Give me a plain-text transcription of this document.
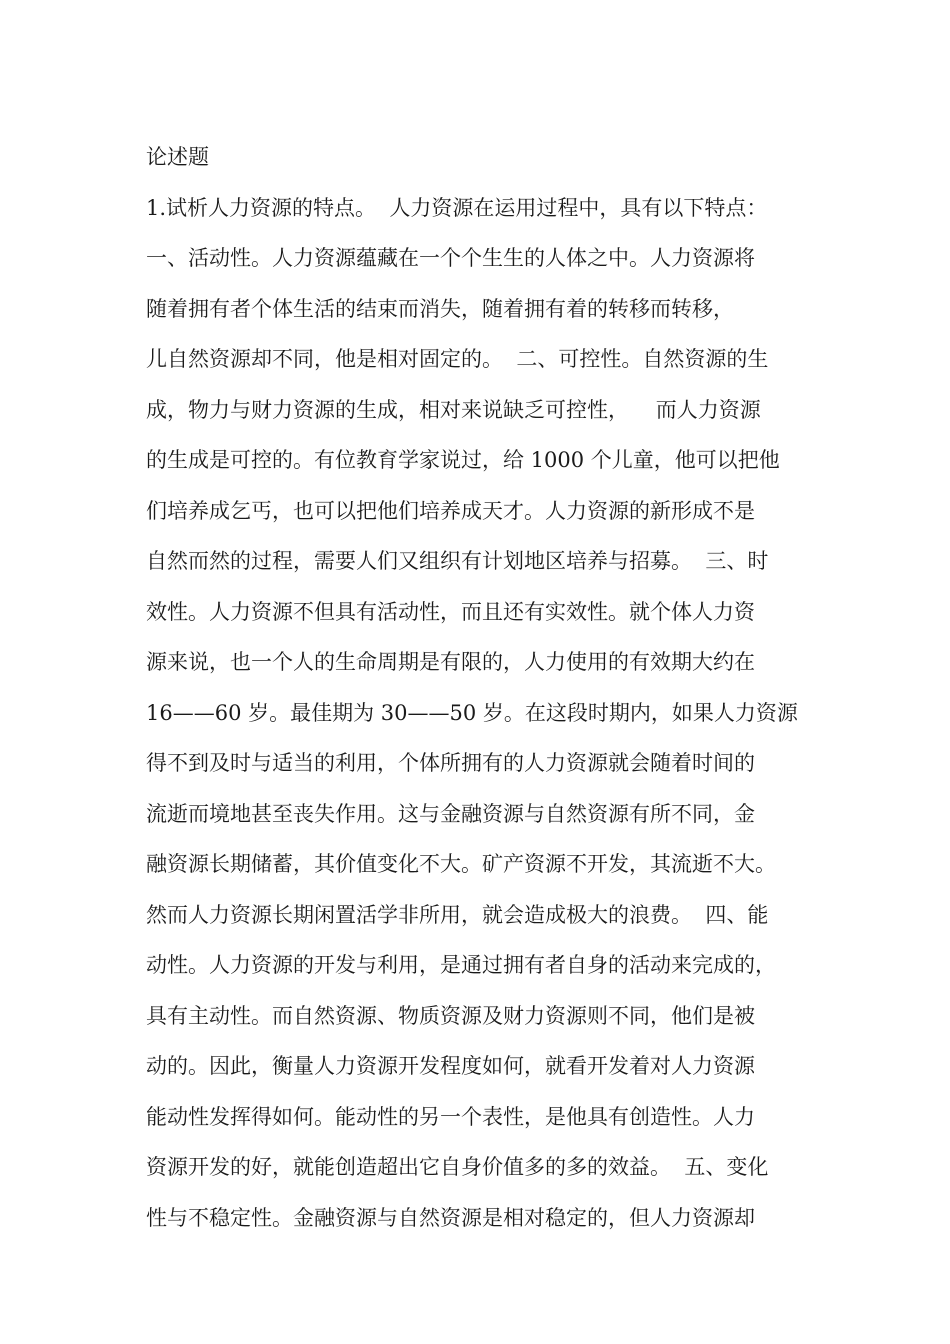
论述题
1.试析人力资源的特点。  人力资源在运用过程中，具有以下特点：
一、活动性。人力资源蕴藏在一个个生生的人体之中。人力资源将
随着拥有者个体生活的结束而消失，随着拥有着的转移而转移，
儿自然资源却不同，他是相对固定的。  二、可控性。自然资源的生
成，物力与财力资源的生成，相对来说缺乏可控性，    而人力资源
的生成是可控的。有位教育学家说过，给 1000 个儿童，他可以把他
们培养成乞丐，也可以把他们培养成天才。人力资源的新形成不是
自然而然的过程，需要人们又组织有计划地区培养与招募。  三、时
效性。人力资源不但具有活动性，而且还有实效性。就个体人力资
源来说，也一个人的生命周期是有限的，人力使用的有效期大约在
16——60 岁。最佳期为 30——50 岁。在这段时期内，如果人力资源
得不到及时与适当的利用，个体所拥有的人力资源就会随着时间的
流逝而境地甚至丧失作用。这与金融资源与自然资源有所不同，金
融资源长期储蓄，其价值变化不大。矿产资源不开发，其流逝不大。
然而人力资源长期闲置活学非所用，就会造成极大的浪费。  四、能
动性。人力资源的开发与利用，是通过拥有者自身的活动来完成的，
具有主动性。而自然资源、物质资源及财力资源则不同，他们是被
动的。因此，衡量人力资源开发程度如何，就看开发着对人力资源
能动性发挥得如何。能动性的另一个表性，是他具有创造性。人力
资源开发的好，就能创造超出它自身价值多的多的效益。  五、变化
性与不稳定性。金融资源与自然资源是相对稳定的，但人力资源却
